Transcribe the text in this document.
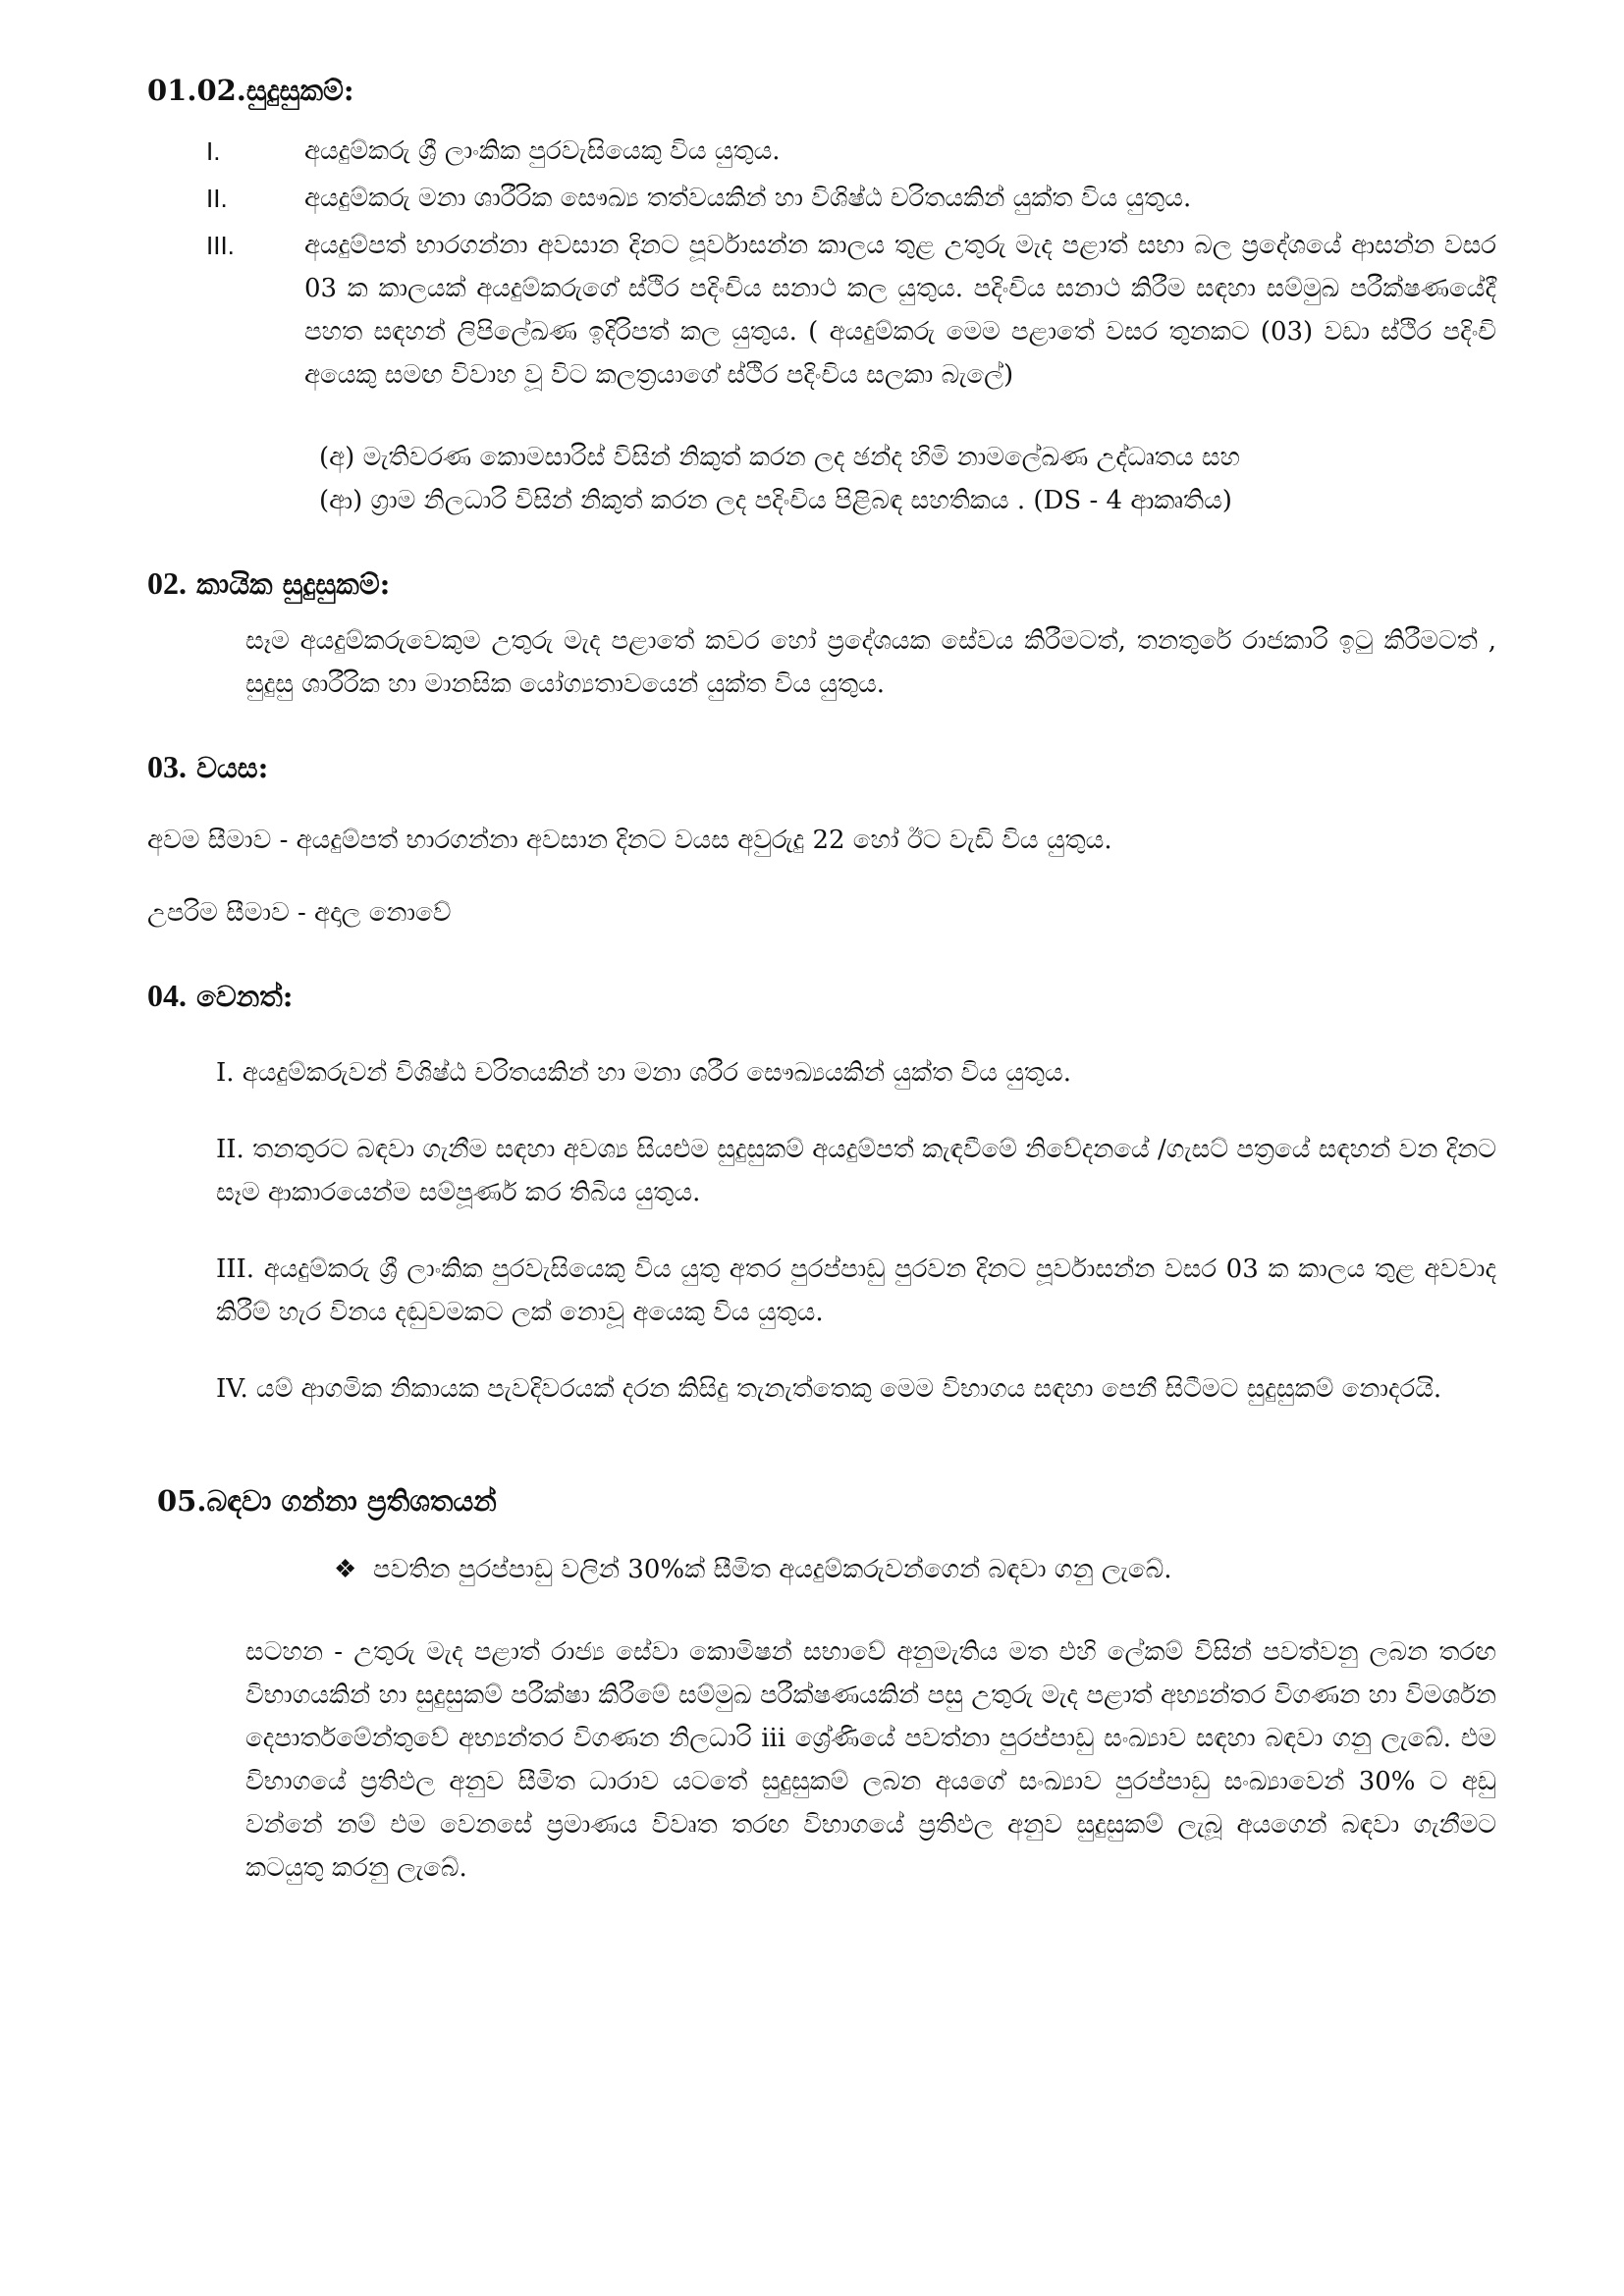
01.02.සුදුසුකම්:

I.	අයදුම්කරු ශ්‍රී ලාංකික පුරවැසියෙකු විය යුතුය.
II.	අයදුම්කරු මනා ශාරීරික සෞඛ්‍ය තත්වයකින් හා විශිෂ්ඨ චරිතයකින් යුක්ත විය යුතුය.
III.	අයදුම්පත් භාරගන්නා අවසාන දිනට පූර්වාසන්න කාලය තුළ උතුරු මැද පළාත් සභා බල ප්‍රදේශයේ ආසන්න වසර 03 ක කාලයක් අයදුම්කරුගේ ස්ථිර පදිංචිය සනාථ කල යුතුය. පදිංචිය සනාථ කිරීම සඳහා සම්මුඛ පරීක්ෂණයේදී පහත සඳහන් ලිපිලේඛණ ඉදිරිපත් කල යුතුය. ( අයදුම්කරු මෙම පළාතේ වසර තුනකට (03) වඩා ස්ථිර පදිංචි අයෙකු සමඟ විවාහ වූ විට කලත්‍රයාගේ ස්ථිර පදිංචිය සලකා බැලේ)

(අ) මැතිවරණ කොමසාරිස් විසින් නිකුත් කරන ලද ඡන්ද හිමි නාමලේඛණ උද්ධෘතය සහ

(ආ) ග්‍රාම නිලධාරි විසින් නිකුත් කරන ලද පදිංචිය පිළිබඳ සහතිකය . (DS - 4 ආකෘතිය)

02. කායික සුදුසුකම්:

සෑම අයදුම්කරුවෙකුම උතුරු මැද පළාතේ කවර හෝ ප්‍රදේශයක සේවය කිරීමටත්, තනතුරේ රාජකාරි ඉටු කිරීමටත් , සුදුසු ශාරීරික හා මානසික යෝග්‍යතාවයෙන් යුක්ත විය යුතුය.

03. වයස:

අවම සීමාව - අයදුම්පත් භාරගන්නා අවසාන දිනට වයස අවුරුදු 22 හෝ ඊට වැඩි විය යුතුය.

උපරිම සීමාව - අදාල නොවේ

04. වෙනත්:

I. අයදුම්කරුවන් විශිෂ්ඨ චරිතයකින් හා මනා ශරීර සෞඛ්‍යයකින් යුක්ත විය යුතුය.

II. තනතුරට බඳවා ගැනීම සඳහා අවශ්‍ය සියළුම සුදුසුකම් අයදුම්පත් කැඳවීමේ නිවේදනයේ /ගැසට් පත්‍රයේ සඳහන් වන දිනට සෑම ආකාරයෙන්ම සම්පූර්ණ කර තිබිය යුතුය.

III. අයදුම්කරු ශ්‍රී ලාංකික පුරවැසියෙකු විය යුතු අතර පුරප්පාඩු පුරවන දිනට පූර්වාසන්න වසර 03 ක කාලය තුළ අවවාද කිරීම් හැර විනය දඬුවමකට ලක් නොවූ අයෙකු විය යුතුය.

IV. යම් ආගමික නිකායක පැවදිවරයක් දරන කිසිදු තැනැත්තෙකු මෙම විභාගය සඳහා පෙනී සිටීමට සුදුසුකම් නොදරයි.

05.බඳවා ගන්නා ප්‍රතිශතයන්

❖ පවතින පුරප්පාඩු වලින් 30%ක් සීමිත අයදුම්කරුවන්ගෙන් බඳවා ගනු ලැබේ.

සටහන - උතුරු මැද පළාත් රාජ්‍ය සේවා කොමිෂන් සභාවේ අනුමැතිය මත එහි ලේකම් විසින් පවත්වනු ලබන තරඟ විභාගයකින් හා සුදුසුකම් පරීක්ෂා කිරීමේ සම්මුඛ පරීක්ෂණයකින් පසු උතුරු මැද පළාත් අභ්‍යන්තර විගණන හා විමර්ශන දෙපාර්තමේන්තුවේ අභ්‍යන්තර විගණන නිලධාරි iii ශ්‍රේණියේ පවත්නා පුරප්පාඩු සංඛ්‍යාව සඳහා බඳවා ගනු ලැබේ. එම විභාගයේ ප්‍රතිඵල අනුව සීමිත ධාරාව යටතේ සුදුසුකම් ලබන අයගේ සංඛ්‍යාව පුරප්පාඩු සංඛ්‍යාවෙන් 30% ට අඩු වන්නේ නම් එම වෙනසේ ප්‍රමාණය විවෘත තරඟ විභාගයේ ප්‍රතිඵල අනුව සුදුසුකම් ලැබූ අයගෙන් බඳවා ගැනීමට කටයුතු කරනු ලැබේ.
